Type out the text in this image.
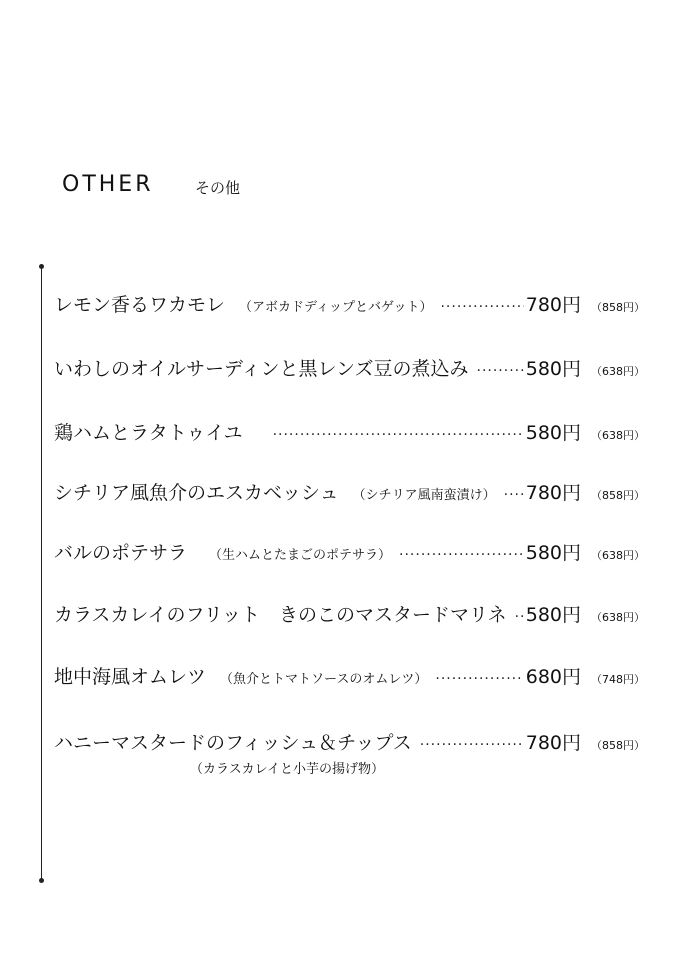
OTHER	その他
レモン香るワカモレ （アボカドディップとバゲット） ·····	780円 （858円）
いわしのオイルサーディンと黒レンズ豆の煮込み ·····	580円 （638円）
鶏ハムとラタトゥイユ ·····	580円 （638円）
シチリア風魚介のエスカベッシュ （シチリア風南蛮漬け） ····· 780円 （858円）
バルのポテサラ （生ハムとたまごのポテサラ） ·····	580円 （638円）
カラスカレイのフリット　きのこのマスタードマリネ ····· 580円 （638円）
地中海風オムレツ （魚介とトマトソースのオムレツ） ·····	680円 （748円）
ハニーマスタードのフィッシュ＆チップス ·····	780円 （858円）
（カラスカレイと小芋の揚げ物）
